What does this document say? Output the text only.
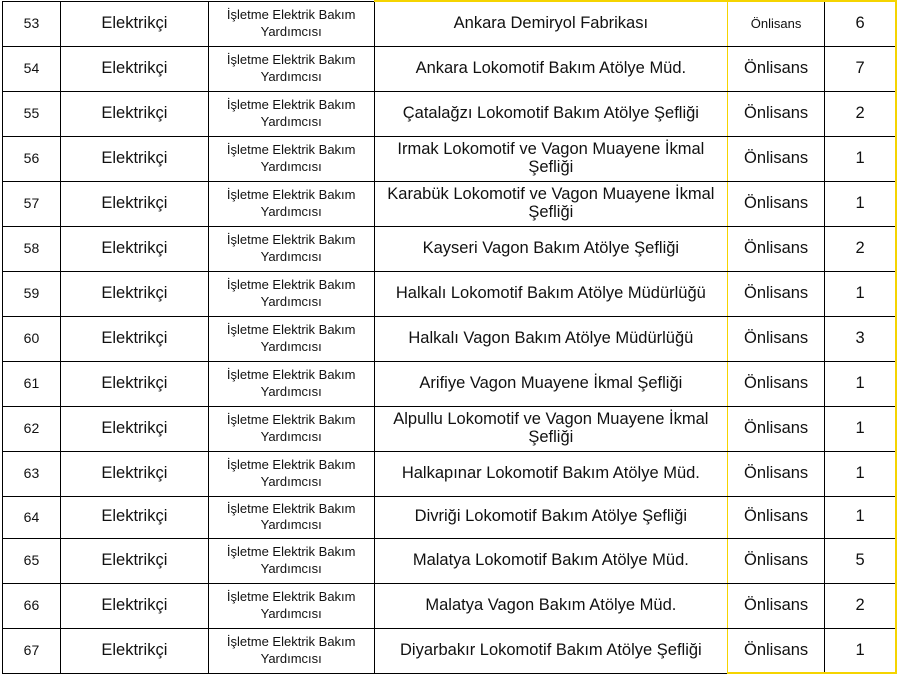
53	Elektrikçi	İşletme Elektrik Bakım Yardımcısı	Ankara Demiryol Fabrikası	Önlisans	6
54	Elektrikçi	İşletme Elektrik Bakım Yardımcısı	Ankara Lokomotif Bakım Atölye Müd.	Önlisans	7
55	Elektrikçi	İşletme Elektrik Bakım Yardımcısı	Çatalağzı Lokomotif Bakım Atölye Şefliği	Önlisans	2
56	Elektrikçi	İşletme Elektrik Bakım Yardımcısı	Irmak Lokomotif ve Vagon Muayene İkmal Şefliği	Önlisans	1
57	Elektrikçi	İşletme Elektrik Bakım Yardımcısı	Karabük Lokomotif ve Vagon Muayene İkmal Şefliği	Önlisans	1
58	Elektrikçi	İşletme Elektrik Bakım Yardımcısı	Kayseri Vagon Bakım Atölye Şefliği	Önlisans	2
59	Elektrikçi	İşletme Elektrik Bakım Yardımcısı	Halkalı Lokomotif Bakım Atölye Müdürlüğü	Önlisans	1
60	Elektrikçi	İşletme Elektrik Bakım Yardımcısı	Halkalı Vagon Bakım Atölye Müdürlüğü	Önlisans	3
61	Elektrikçi	İşletme Elektrik Bakım Yardımcısı	Arifiye Vagon Muayene İkmal Şefliği	Önlisans	1
62	Elektrikçi	İşletme Elektrik Bakım Yardımcısı	Alpullu Lokomotif ve Vagon Muayene İkmal Şefliği	Önlisans	1
63	Elektrikçi	İşletme Elektrik Bakım Yardımcısı	Halkapınar Lokomotif Bakım Atölye Müd.	Önlisans	1
64	Elektrikçi	İşletme Elektrik Bakım Yardımcısı	Divriği Lokomotif Bakım Atölye Şefliği	Önlisans	1
65	Elektrikçi	İşletme Elektrik Bakım Yardımcısı	Malatya Lokomotif Bakım Atölye Müd.	Önlisans	5
66	Elektrikçi	İşletme Elektrik Bakım Yardımcısı	Malatya Vagon Bakım Atölye Müd.	Önlisans	2
67	Elektrikçi	İşletme Elektrik Bakım Yardımcısı	Diyarbakır Lokomotif Bakım Atölye Şefliği	Önlisans	1
